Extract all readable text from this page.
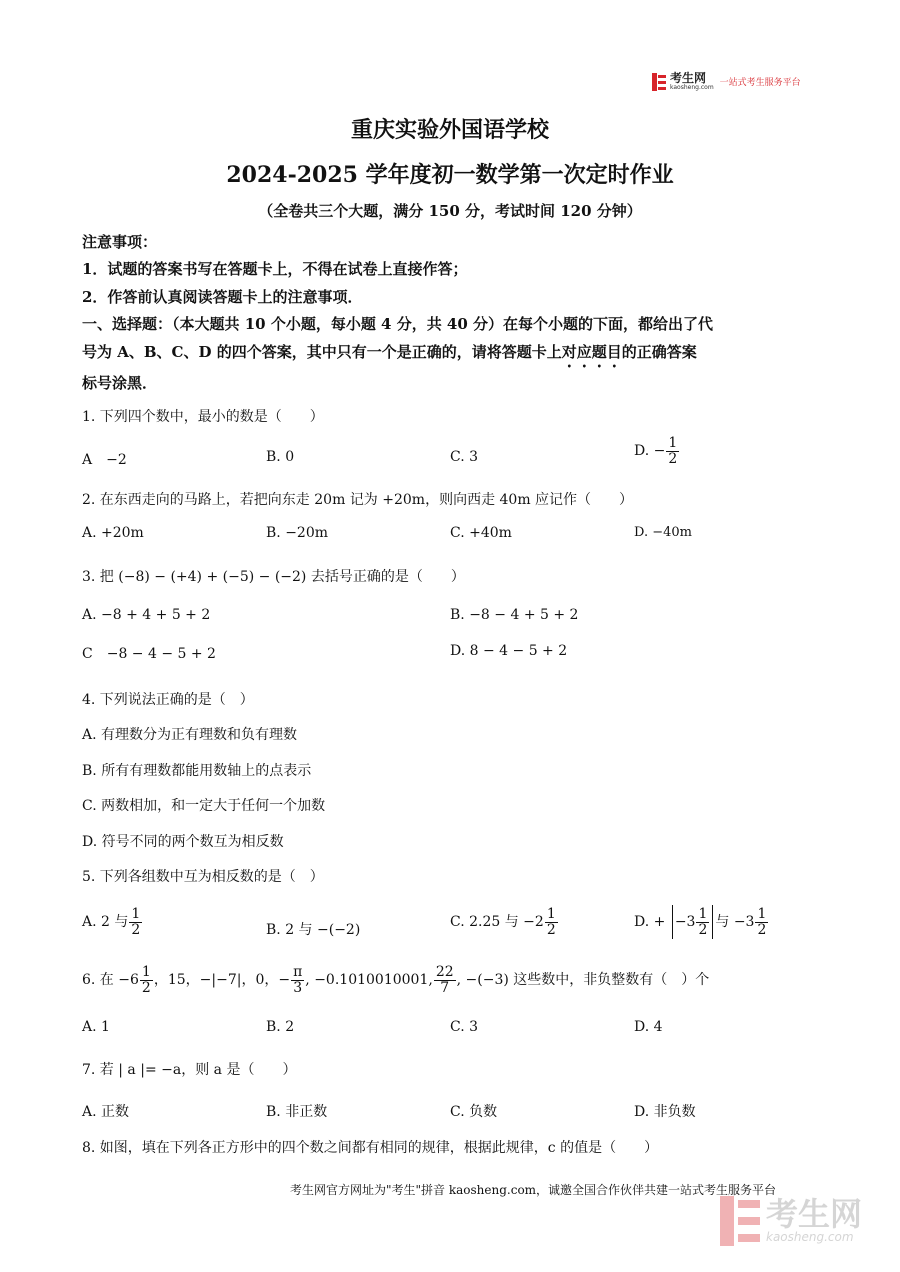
考生网
kaosheng.com 一站式考生服务平台
重庆实验外国语学校
2024-2025 学年度初一数学第一次定时作业
（全卷共三个大题，满分 150 分，考试时间 120 分钟）
注意事项：
1．试题的答案书写在答题卡上，不得在试卷上直接作答；
2．作答前认真阅读答题卡上的注意事项．
一、选择题：（本大题共 10 个小题，每小题 4 分，共 40 分）在每个小题的下面，都给出了代
号为 A、B、C、D 的四个答案，其中只有一个是正确的，请将答题卡上对应题目的正确答案
标号涂黑．
1. 下列四个数中，最小的数是（　　）
A　−2	B. 0	C. 3	D. − $\frac{1}{2}$
2. 在东西走向的马路上，若把向东走 20m 记为 +20m，则向西走 40m 应记作（　　）
A. +20m	B. −20m	C. +40m	D. −40m
3. 把 (−8) − (+4) + (−5) − (−2) 去括号正确的是（　　）
A. −8 + 4 + 5 + 2	B. −8 − 4 + 5 + 2
C　−8 − 4 − 5 + 2	D. 8 − 4 − 5 + 2
4. 下列说法正确的是（　）
A. 有理数分为正有理数和负有理数
B. 所有有理数都能用数轴上的点表示
C. 两数相加，和一定大于任何一个加数
D. 符号不同的两个数互为相反数
5. 下列各组数中互为相反数的是（　）
A. 2 与 $\frac{1}{2}$	B. 2 与 −(−2)	C. 2.25 与 $-2 \frac{1}{2}$	D. + $-3 \frac{1}{2}$ 与 $-3 \frac{1}{2}$
6. 在 $-6 \frac{1}{2}$ ，15，−|−7|，0，− $\frac{\pi}{3}$ , −0.1010010001, $\frac{22}{7}$ , −(−3) 这些数中，非负整数有（　）个
A. 1	B. 2	C. 3	D. 4
7. 若 | a |= −a，则 a 是（　　）
A. 正数	B. 非正数	C. 负数	D. 非负数
8. 如图，填在下列各正方形中的四个数之间都有相同的规律，根据此规律，c 的值是（　　）
考生网官方网址为"考生"拼音 kaosheng.com，诚邀全国合作伙伴共建一站式考生服务平台
考生网
kaosheng.com
